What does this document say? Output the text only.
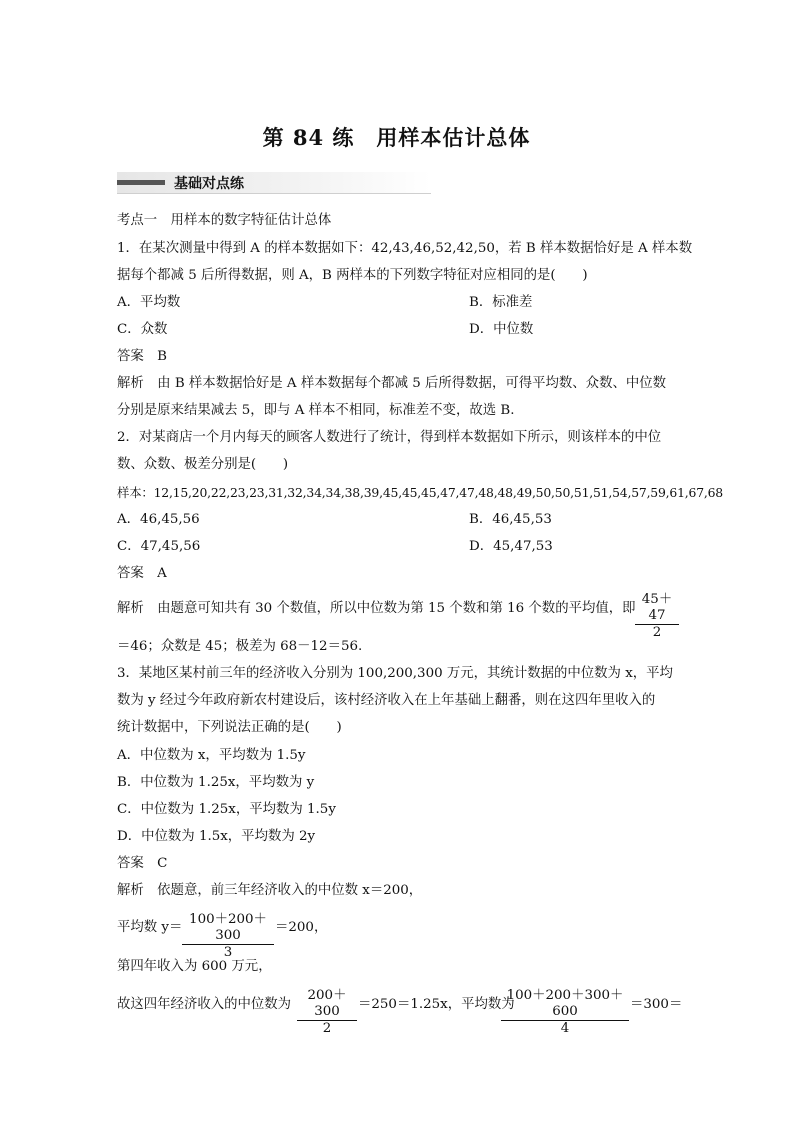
第 84 练 用样本估计总体
基础对点练
考点一　用样本的数字特征估计总体
1．在某次测量中得到 A 的样本数据如下：42,43,46,52,42,50，若 B 样本数据恰好是 A 样本数
据每个都减 5 后所得数据，则 A，B 两样本的下列数字特征对应相同的是(　　)
A．平均数	B．标准差
C．众数	D．中位数
答案　B
解析　由 B 样本数据恰好是 A 样本数据每个都减 5 后所得数据，可得平均数、众数、中位数
分别是原来结果减去 5，即与 A 样本不相同，标准差不变，故选 B.
2．对某商店一个月内每天的顾客人数进行了统计，得到样本数据如下所示，则该样本的中位
数、众数、极差分别是(　　)
样本：12,15,20,22,23,23,31,32,34,34,38,39,45,45,45,47,47,48,48,49,50,50,51,51,54,57,59,61,67,68
A．46,45,56	B．46,45,53
C．47,45,56	D．45,47,53
答案　A
解析　由题意可知共有 30 个数值，所以中位数为第 15 个数和第 16 个数的平均值，即 $\frac{45+47}{2}$
＝46；众数是 45；极差为 68－12＝56.
3．某地区某村前三年的经济收入分别为 100,200,300 万元，其统计数据的中位数为 x，平均
数为 y 经过今年政府新农村建设后，该村经济收入在上年基础上翻番，则在这四年里收入的
统计数据中，下列说法正确的是(　　)
A．中位数为 x，平均数为 1.5y
B．中位数为 1.25x，平均数为 y
C．中位数为 1.25x，平均数为 1.5y
D．中位数为 1.5x，平均数为 2y
答案　C
解析　依题意，前三年经济收入的中位数 x＝200，
平均数 $y= \frac{100+200+300}{3} =200$，
第四年收入为 600 万元，
故这四年经济收入的中位数为 $\frac{200+300}{2} =250=1.25x$，平均数为
$\frac{100+200+300+600}{4} =300=$
